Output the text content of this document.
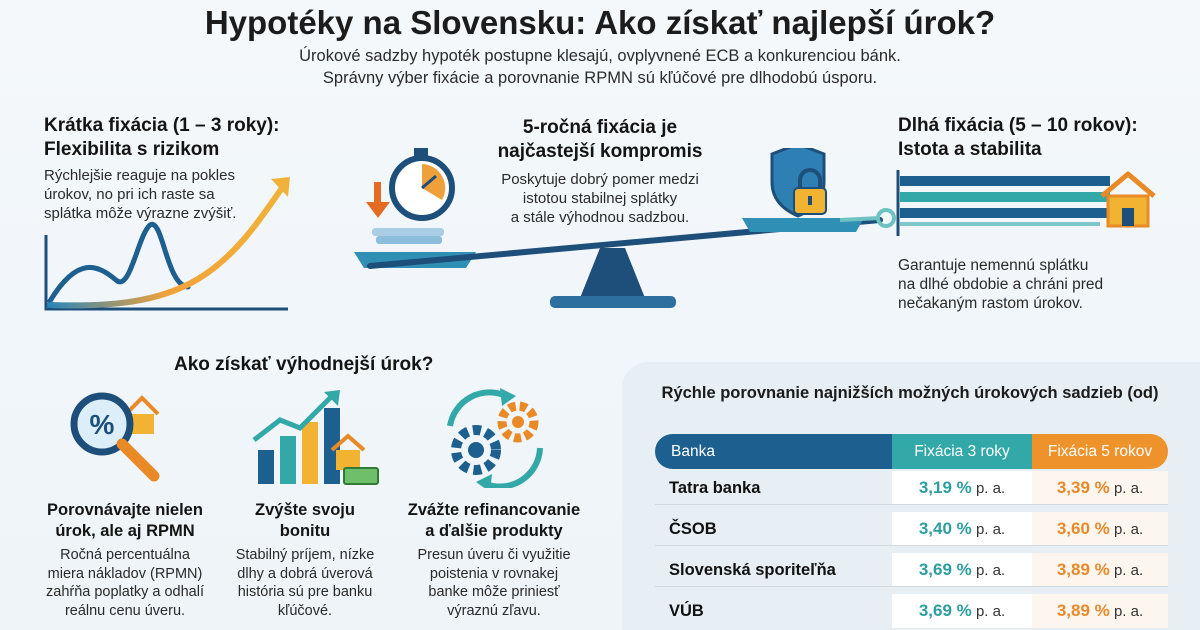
Hypotéky na Slovensku: Ako získať najlepší úrok?
Úrokové sadzby hypoték postupne klesajú, ovplyvnené ECB a konkurenciou bánk.
Správny výber fixácie a porovnanie RPMN sú kľúčové pre dlhodobú úsporu.
Krátka fixácia (1 – 3 roky):
Flexibilita s rizikom
Rýchlejšie reaguje na pokles
úrokov, no pri ich raste sa
splátka môže výrazne zvýšiť.
5-ročná fixácia je
najčastejší kompromis
Poskytuje dobrý pomer medzi
istotou stabilnej splátky
a stále výhodnou sadzbou.
Dlhá fixácia (5 – 10 rokov):
Istota a stabilita
Garantuje nemennú splátku
na dlhé obdobie a chráni pred
nečakaným rastom úrokov.
Ako získať výhodnejší úrok?
%
Porovnávajte nielen
úrok, ale aj RPMN
Ročná percentuálna
miera nákladov (RPMN)
zahŕňa poplatky a odhalí
reálnu cenu úveru.
Zvýšte svoju
bonitu
Stabilný príjem, nízke
dlhy a dobrá úverová
história sú pre banku
kľúčové.
Zvážte refinancovanie
a ďalšie produkty
Presun úveru či využitie
poistenia v rovnakej
banke môže priniesť
výraznú zľavu.
Rýchle porovnanie najnižších možných úrokových sadzieb (od)
Banka	Fixácia 3 roky	Fixácia 5 rokov
Tatra banka	3,19 % p. a.	3,39 % p. a.
ČSOB	3,40 % p. a.	3,60 % p. a.
Slovenská sporiteľňa	3,69 % p. a.	3,89 % p. a.
VÚB	3,69 % p. a.	3,89 % p. a.
